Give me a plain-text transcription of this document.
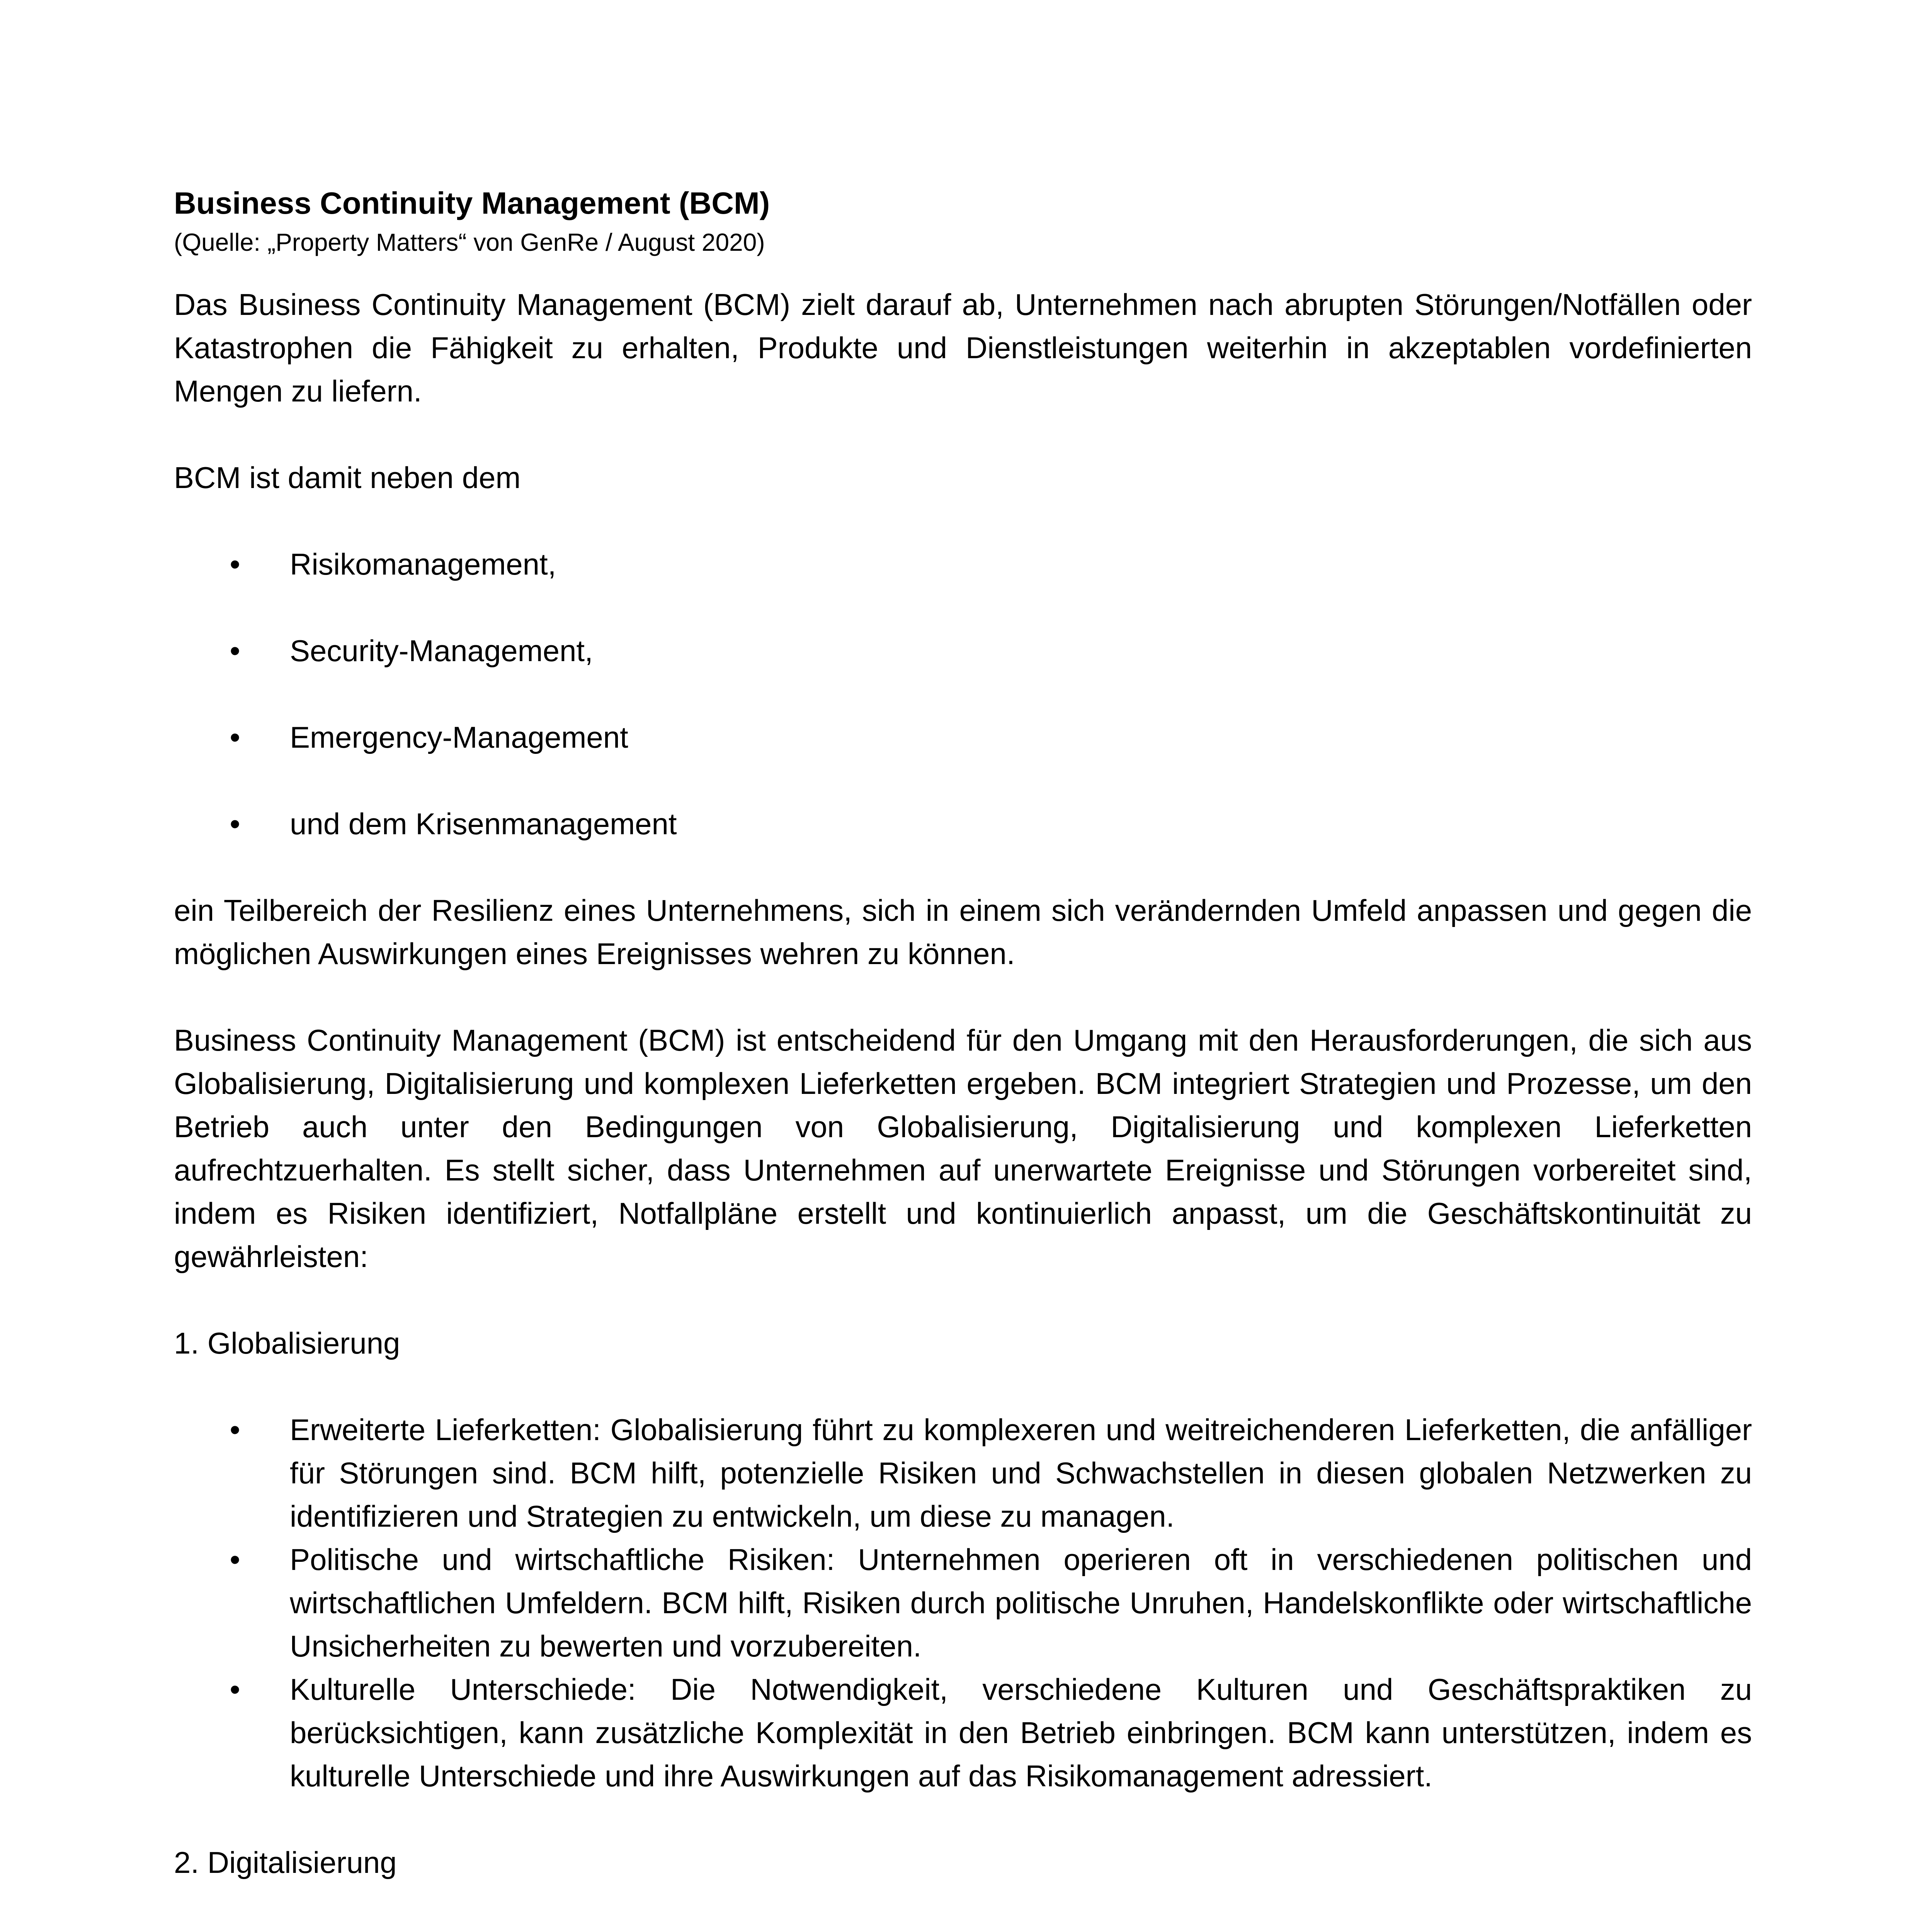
Business Continuity Management (BCM)

(Quelle: „Property Matters“ von GenRe / August 2020)

Das Business Continuity Management (BCM) zielt darauf ab, Unternehmen nach abrupten Störungen/Notfällen oder Katastrophen die Fähigkeit zu erhalten, Produkte und Dienstleistungen weiterhin in akzeptablen vordefinierten Mengen zu liefern.

BCM ist damit neben dem

• Risikomanagement,
• Security-Management,
• Emergency-Management
• und dem Krisenmanagement

ein Teilbereich der Resilienz eines Unternehmens, sich in einem sich verändernden Umfeld anpassen und gegen die möglichen Auswirkungen eines Ereignisses wehren zu können.

Business Continuity Management (BCM) ist entscheidend für den Umgang mit den Herausforderungen, die sich aus Globalisierung, Digitalisierung und komplexen Lieferketten ergeben. BCM integriert Strategien und Prozesse, um den Betrieb auch unter den Bedingungen von Globalisierung, Digitalisierung und komplexen Lieferketten aufrechtzuerhalten. Es stellt sicher, dass Unternehmen auf unerwartete Ereignisse und Störungen vorbereitet sind, indem es Risiken identifiziert, Notfallpläne erstellt und kontinuierlich anpasst, um die Geschäftskontinuität zu gewährleisten:

1. Globalisierung

• Erweiterte Lieferketten: Globalisierung führt zu komplexeren und weitreichenderen Lieferketten, die anfälliger für Störungen sind. BCM hilft, potenzielle Risiken und Schwachstellen in diesen globalen Netzwerken zu identifizieren und Strategien zu entwickeln, um diese zu managen.
• Politische und wirtschaftliche Risiken: Unternehmen operieren oft in verschiedenen politischen und wirtschaftlichen Umfeldern. BCM hilft, Risiken durch politische Unruhen, Handelskonflikte oder wirtschaftliche Unsicherheiten zu bewerten und vorzubereiten.
• Kulturelle Unterschiede: Die Notwendigkeit, verschiedene Kulturen und Geschäftspraktiken zu berücksichtigen, kann zusätzliche Komplexität in den Betrieb einbringen. BCM kann unterstützen, indem es kulturelle Unterschiede und ihre Auswirkungen auf das Risikomanagement adressiert.

2. Digitalisierung
